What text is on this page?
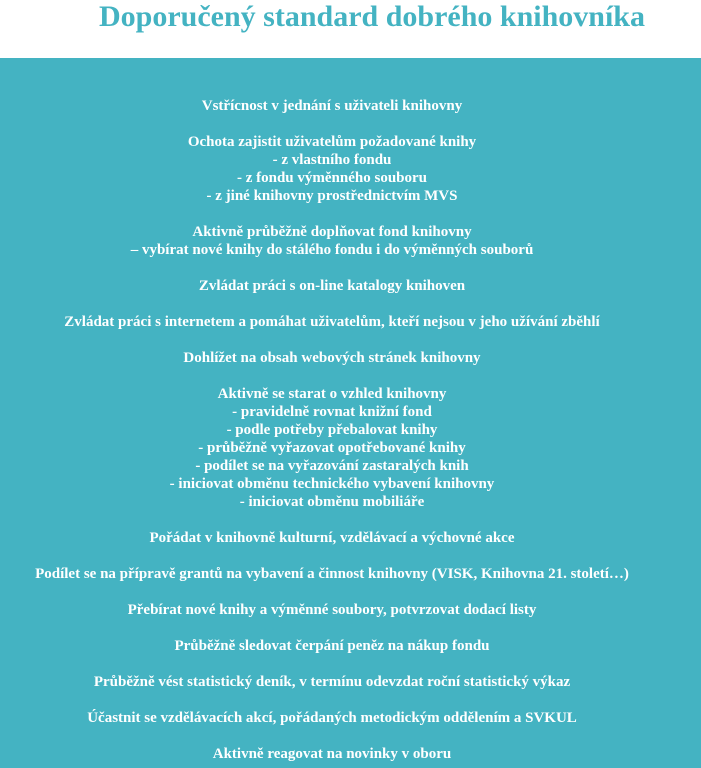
Doporučený standard dobrého knihovníka
Vstřícnost v jednání s uživateli knihovny
Ochota zajistit uživatelům požadované knihy
- z vlastního fondu
- z fondu výměnného souboru
- z jiné knihovny prostřednictvím MVS
Aktivně průběžně doplňovat fond knihovny
– vybírat nové knihy do stálého fondu i do výměnných souborů
Zvládat práci s on-line katalogy knihoven
Zvládat práci s internetem a pomáhat uživatelům, kteří nejsou v jeho užívání zběhlí
Dohlížet na obsah webových stránek knihovny
Aktivně se starat o vzhled knihovny
- pravidelně rovnat knižní fond
- podle potřeby přebalovat knihy
- průběžně vyřazovat opotřebované knihy
- podílet se na vyřazování zastaralých knih
- iniciovat obměnu technického vybavení knihovny
- iniciovat obměnu mobiliáře
Pořádat v knihovně kulturní, vzdělávací a výchovné akce
Podílet se na přípravě grantů na vybavení a činnost knihovny (VISK, Knihovna 21. století…)
Přebírat nové knihy a výměnné soubory, potvrzovat dodací listy
Průběžně sledovat čerpání peněz na nákup fondu
Průběžně vést statistický deník, v termínu odevzdat roční statistický výkaz
Účastnit se vzdělávacích akcí, pořádaných metodickým oddělením a SVKUL
Aktivně reagovat na novinky v oboru
